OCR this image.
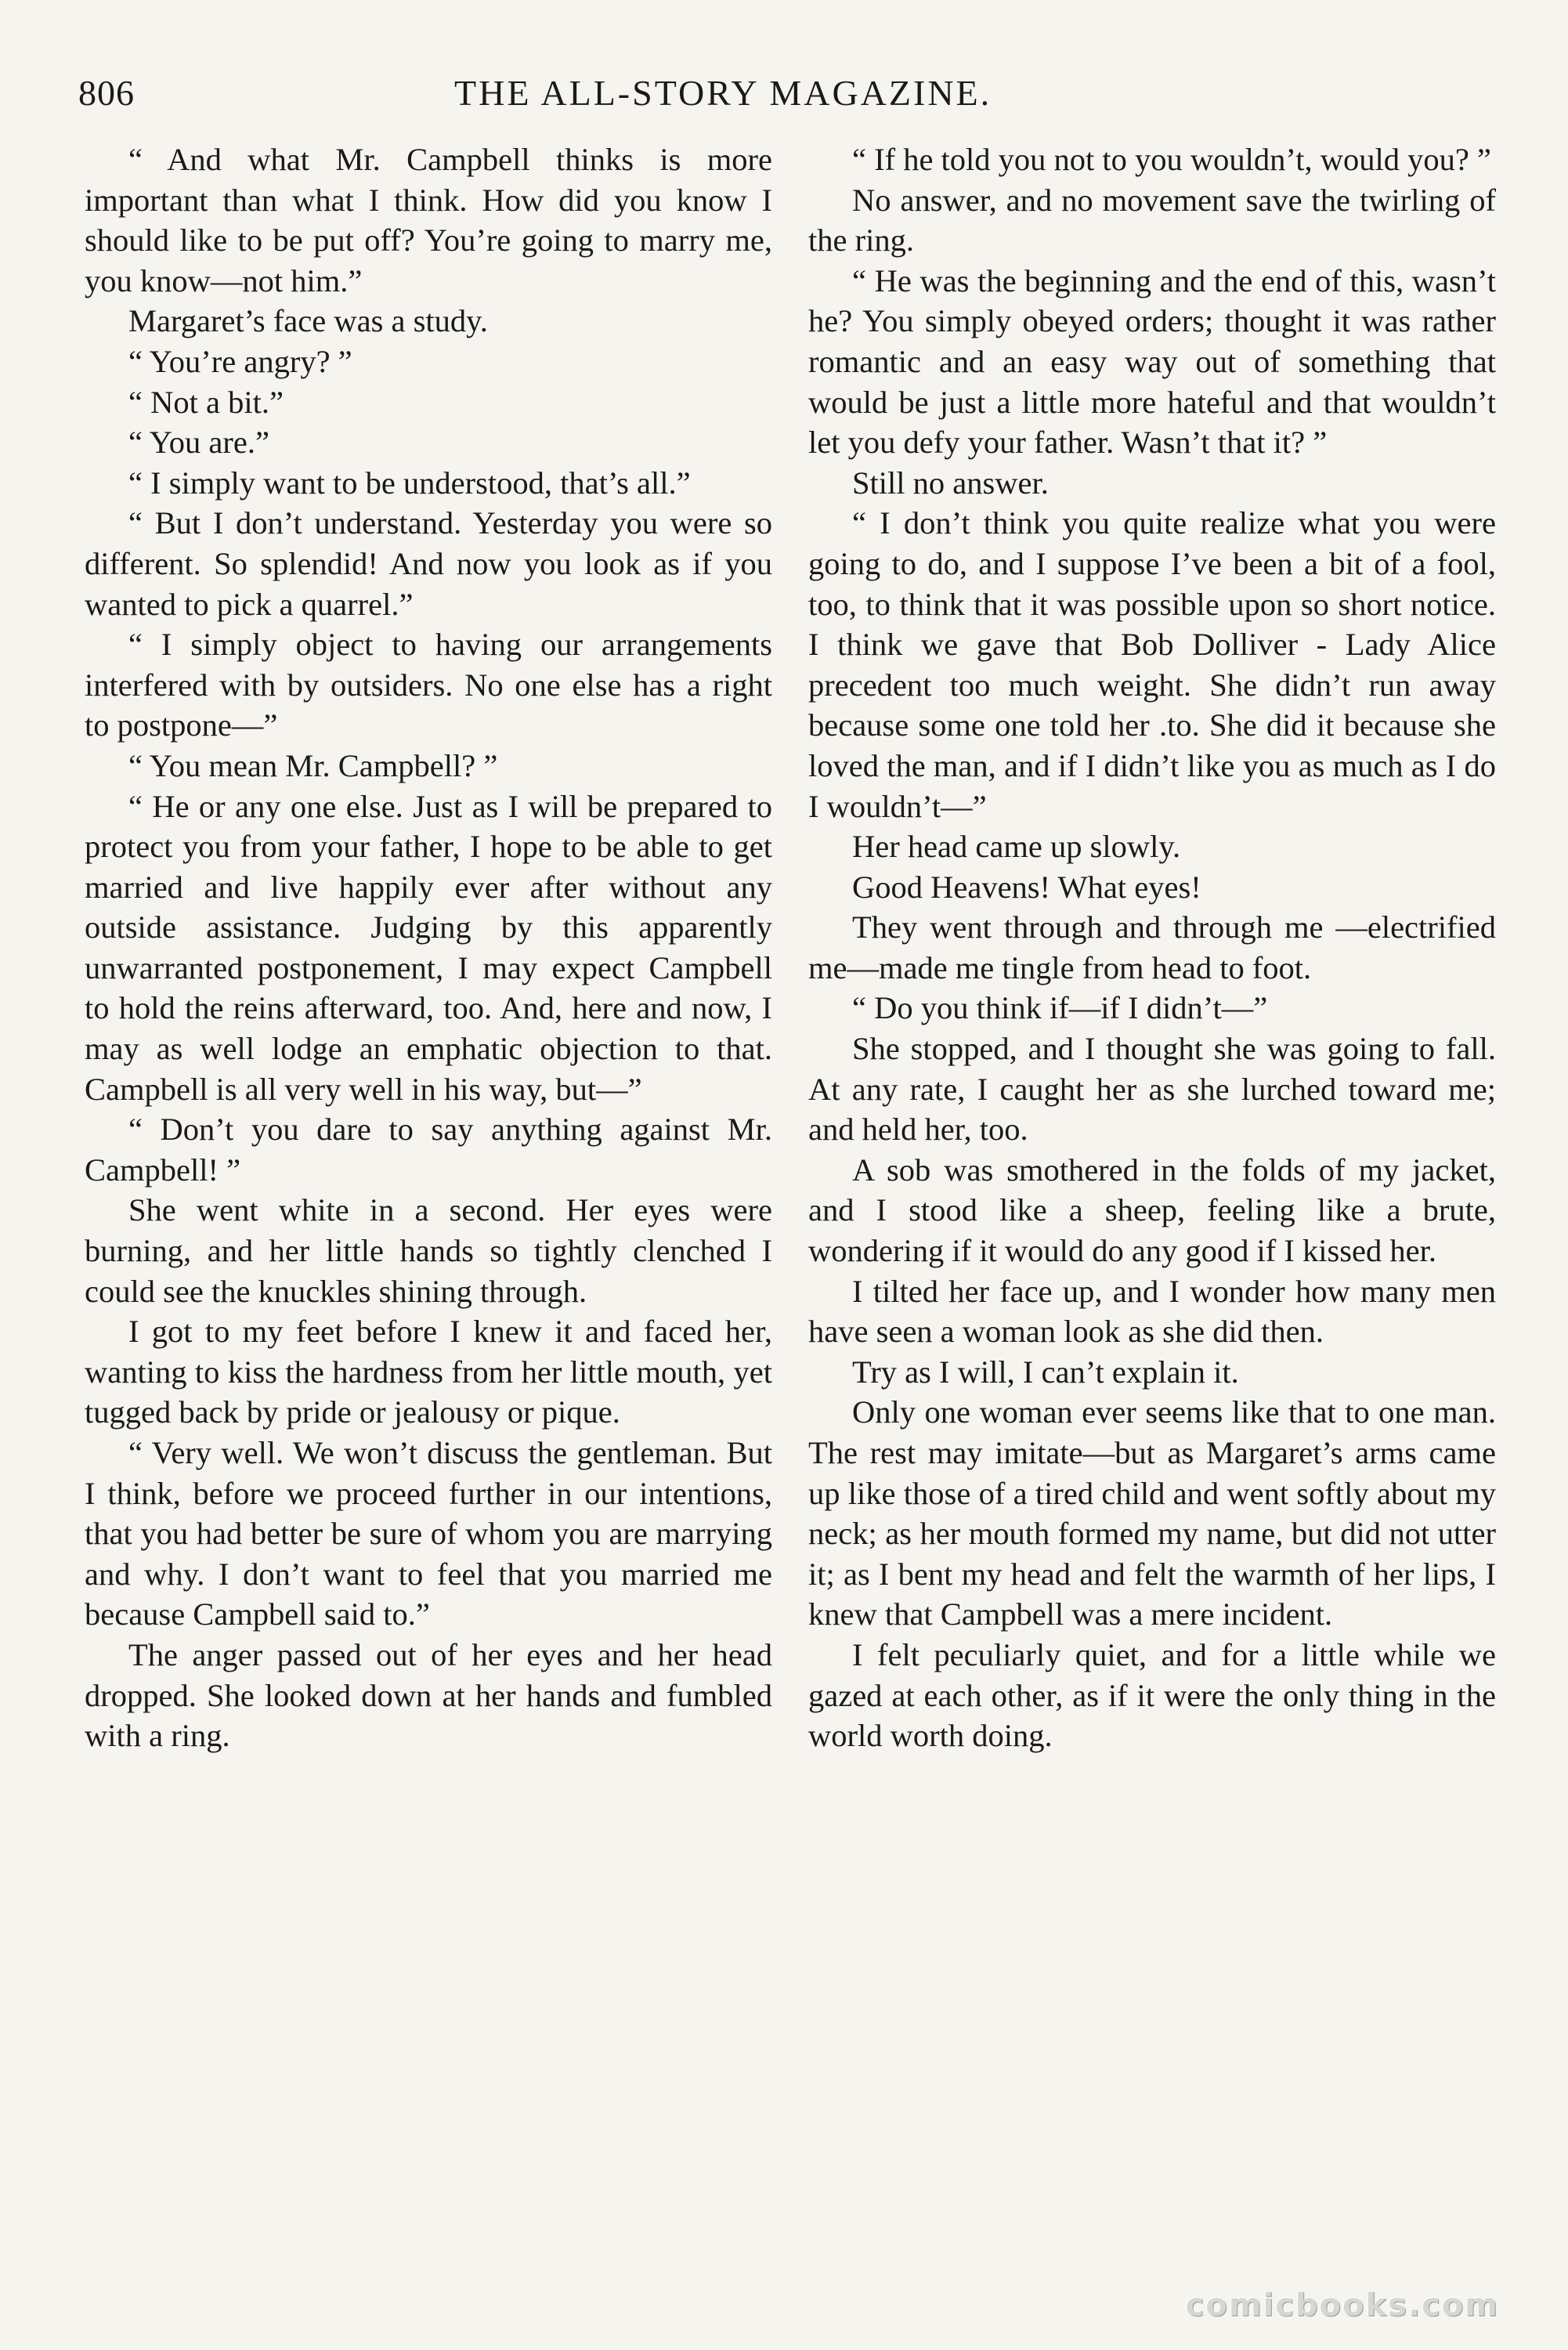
806	THE ALL-STORY MAGAZINE.

“ And what Mr. Campbell thinks is more important than what I think. How did you know I should like to be put off? You’re going to marry me, you know—not him.”

Margaret’s face was a study.

“ You’re angry? ”

“ Not a bit.”

“ You are.”

“ I simply want to be understood, that’s all.”

“ But I don’t understand. Yesterday you were so different. So splendid! And now you look as if you wanted to pick a quarrel.”

“ I simply object to having our arrangements interfered with by outsiders. No one else has a right to postpone—”

“ You mean Mr. Campbell? ”

“ He or any one else. Just as I will be prepared to protect you from your father, I hope to be able to get married and live happily ever after without any outside assistance. Judging by this apparently unwarranted postponement, I may expect Campbell to hold the reins afterward, too. And, here and now, I may as well lodge an emphatic objection to that. Campbell is all very well in his way, but—”

“ Don’t you dare to say anything against Mr. Campbell! ”

She went white in a second. Her eyes were burning, and her little hands so tightly clenched I could see the knuckles shining through.

I got to my feet before I knew it and faced her, wanting to kiss the hardness from her little mouth, yet tugged back by pride or jealousy or pique.

“ Very well. We won’t discuss the gentleman. But I think, before we proceed further in our intentions, that you had better be sure of whom you are marrying and why. I don’t want to feel that you married me because Campbell said to.”

The anger passed out of her eyes and her head dropped. She looked down at her hands and fumbled with a ring.

“ If he told you not to you wouldn’t, would you? ”

No answer, and no movement save the twirling of the ring.

“ He was the beginning and the end of this, wasn’t he? You simply obeyed orders; thought it was rather romantic and an easy way out of something that would be just a little more hateful and that wouldn’t let you defy your father. Wasn’t that it? ”

Still no answer.

“ I don’t think you quite realize what you were going to do, and I suppose I’ve been a bit of a fool, too, to think that it was possible upon so short notice. I think we gave that Bob Dolliver - Lady Alice precedent too much weight. She didn’t run away because some one told her .to. She did it because she loved the man, and if I didn’t like you as much as I do I wouldn’t—”

Her head came up slowly.

Good Heavens! What eyes!

They went through and through me —electrified me—made me tingle from head to foot.

“ Do you think if—if I didn’t—”

She stopped, and I thought she was going to fall. At any rate, I caught her as she lurched toward me; and held her, too.

A sob was smothered in the folds of my jacket, and I stood like a sheep, feeling like a brute, wondering if it would do any good if I kissed her.

I tilted her face up, and I wonder how many men have seen a woman look as she did then.

Try as I will, I can’t explain it.

Only one woman ever seems like that to one man. The rest may imitate—but as Margaret’s arms came up like those of a tired child and went softly about my neck; as her mouth formed my name, but did not utter it; as I bent my head and felt the warmth of her lips, I knew that Campbell was a mere incident.

I felt peculiarly quiet, and for a little while we gazed at each other, as if it were the only thing in the world worth doing.

comicbooks.com
